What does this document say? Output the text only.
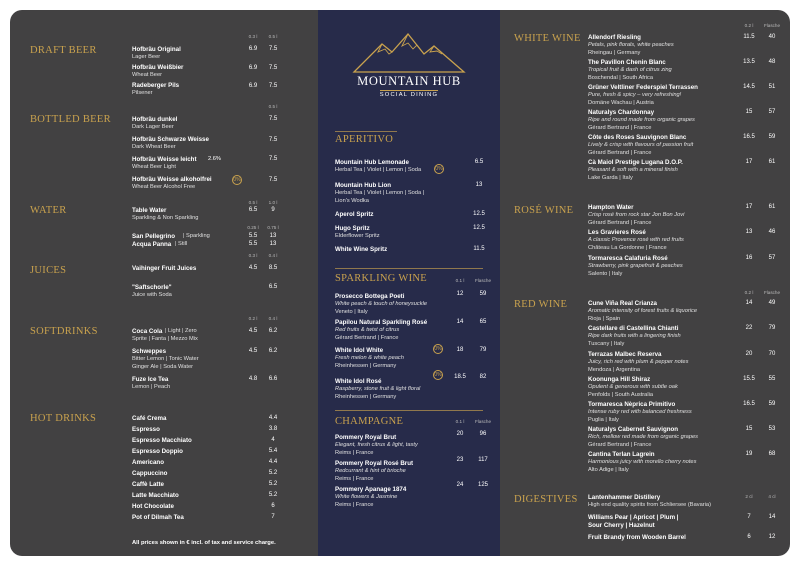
DRAFT BEER
0.3 l	0.5 l
Hofbräu Original
Lager Beer
6.9	7.5
Hofbräu Weißbier
Wheat Beer
6.9	7.5
Radeberger Pils
Pilsener
6.9	7.5
BOTTLED BEER
0.5 l
Hofbräu dunkel
Dark Lager Beer
7.5
Hofbräu Schwarze Weisse
Dark Wheat Beer
7.5
Hofbräu Weisse leicht 2.6%
Wheat Beer Light
7.5
Hofbräu Weisse alkoholfrei
Wheat Beer Alcohol Free
0%	7.5
WATER
0.5 l	1.0 l
Table Water
Sparkling & Non Sparkling
6.5	9
0.25 l	0.75 l
San Pellegrino | Sparkling	5.5	13
Acqua Panna | Still	5.5	13
JUICES
0.3 l	0.4 l
Vaihinger Fruit Juices	4.5	8.5
"Saftschorle"
Juice with Soda
6.5
SOFTDRINKS
0.2 l	0.4 l
Coca Cola | Light | Zero
Sprite | Fanta | Mezzo Mix
4.5	6.2
Schweppes
Bitter Lemon | Tonic Water
Ginger Ale | Soda Water
4.5	6.2
Fuze Ice Tea
Lemon | Peach
4.8	6.6
HOT DRINKS	Café Crema	4.4
Espresso	3.8
Espresso Macchiato	4
Espresso Doppio	5.4
Americano	4.4
Cappuccino	5.2
Caffè Latte	5.2
Latte Macchiato	5.2
Hot Chocolate	6
Pot of Dilmah Tea	7
All prices shown in € incl. of tax and service charge.
MOUNTAIN HUB
SOCIAL DINING
APERITIVO
Mountain Hub Lemonade
Herbal Tea | Violet | Lemon | Soda	0%
6.5
Mountain Hub Lion
Herbal Tea | Violet | Lemon | Soda |
Lion's Wodka
13
Aperol Spritz	12.5
Hugo Spritz
Elderflower Spritz
12.5
White Wine Spritz	11.5
SPARKLING WINE	0.1 l	Flasche
Prosecco Bottega Poeti
White peach & touch of honeysuckle
Veneto | Italy
12	59
Papilou Natural Sparkling Rosé
Red fruits & twist of citrus
Gérard Bertrand | France
14	65
White Idol White
Fresh melon & white peach
Rheinhessen | Germany
0%	18	79
White Idol Rosé
Raspberry, stone fruit & light floral
Rheinhessen | Germany
0%	18.5	82
CHAMPAGNE	0.1 l	Flasche
Pommery Royal Brut
Elegant, fresh citrus & light, tasty
Reims | France
20	96
Pommery Royal Rosé Brut
Redcurrant & hint of brioche
Reims | France
23	117
Pommery Apanage 1874
White flowers & Jasmine
Reims | France
24	125
WHITE WINE
0.2 l	Flasche
Allendorf Riesling
Petals, pink florals, white peaches
Rheingau | Germany
11.5	40
The Pavillon Chenin Blanc
Tropical fruit & dash of citrus zing
Boschendal | South Africa
13.5	48
Grüner Veltliner Federspiel Terrassen
Pure, fresh & spicy – very refreshing!
Domäne Wachau | Austria
14.5	51
Naturalys Chardonnay
Ripe and round made from organic grapes
Gérard Bertrand | France
15	57
Côte des Roses Sauvignon Blanc
Lively & crisp with flavours of passion fruit
Gérard Bertrand | France
16.5	59
Cà Maiol Prestige Lugana D.O.P.
Pleasant & soft with a mineral finish
Lake Garda | Italy
17	61
ROSÉ WINE Hampton Water
Crisp rosé from rock star Jon Bon Jovi
Gérard Bertrand | France
17	61
Les Gravieres Rosé
A classic Provence rosé with red fruits
Château La Gordonne | France
13	46
Tormaresca Calafuria Rosé
Strawberry, pink grapefruit & peaches
Salento | Italy
16	57
RED WINE
0.2 l	Flasche
Cune Viña Real Crianza
Aromatic intensity of forest fruits & liquorice
Rioja | Spain
14	49
Castellare di Castellina Chianti
Ripe dark fruits with a lingering finish
Tuscany | Italy
22	79
Terrazas Malbec Reserva
Juicy, rich red with plum & pepper notes
Mendoza | Argentina
20	70
Koonunga Hill Shiraz
Opulent & generous with subtle oak
Penfolds | South Australia
15.5	55
Tormaresca Nèprica Primitivo
Intense ruby red with balanced freshness
Puglia | Italy
16.5	59
Naturalys Cabernet Sauvignon
Rich, mellow red made from organic grapes
Gérard Bertrand | France
15	53
Cantina Terlan Lagrein
Harmonious juicy with morello cherry notes
Alto Adige | Italy
19	68
DIGESTIVES	2 cl	4 cl
Lantenhammer Distillery
High end quality spirits from Schliersee (Bavaria)
Williams Pear | Apricot | Plum |
Sour Cherry | Hazelnut
7	14
Fruit Brandy from Wooden Barrel	6	12
